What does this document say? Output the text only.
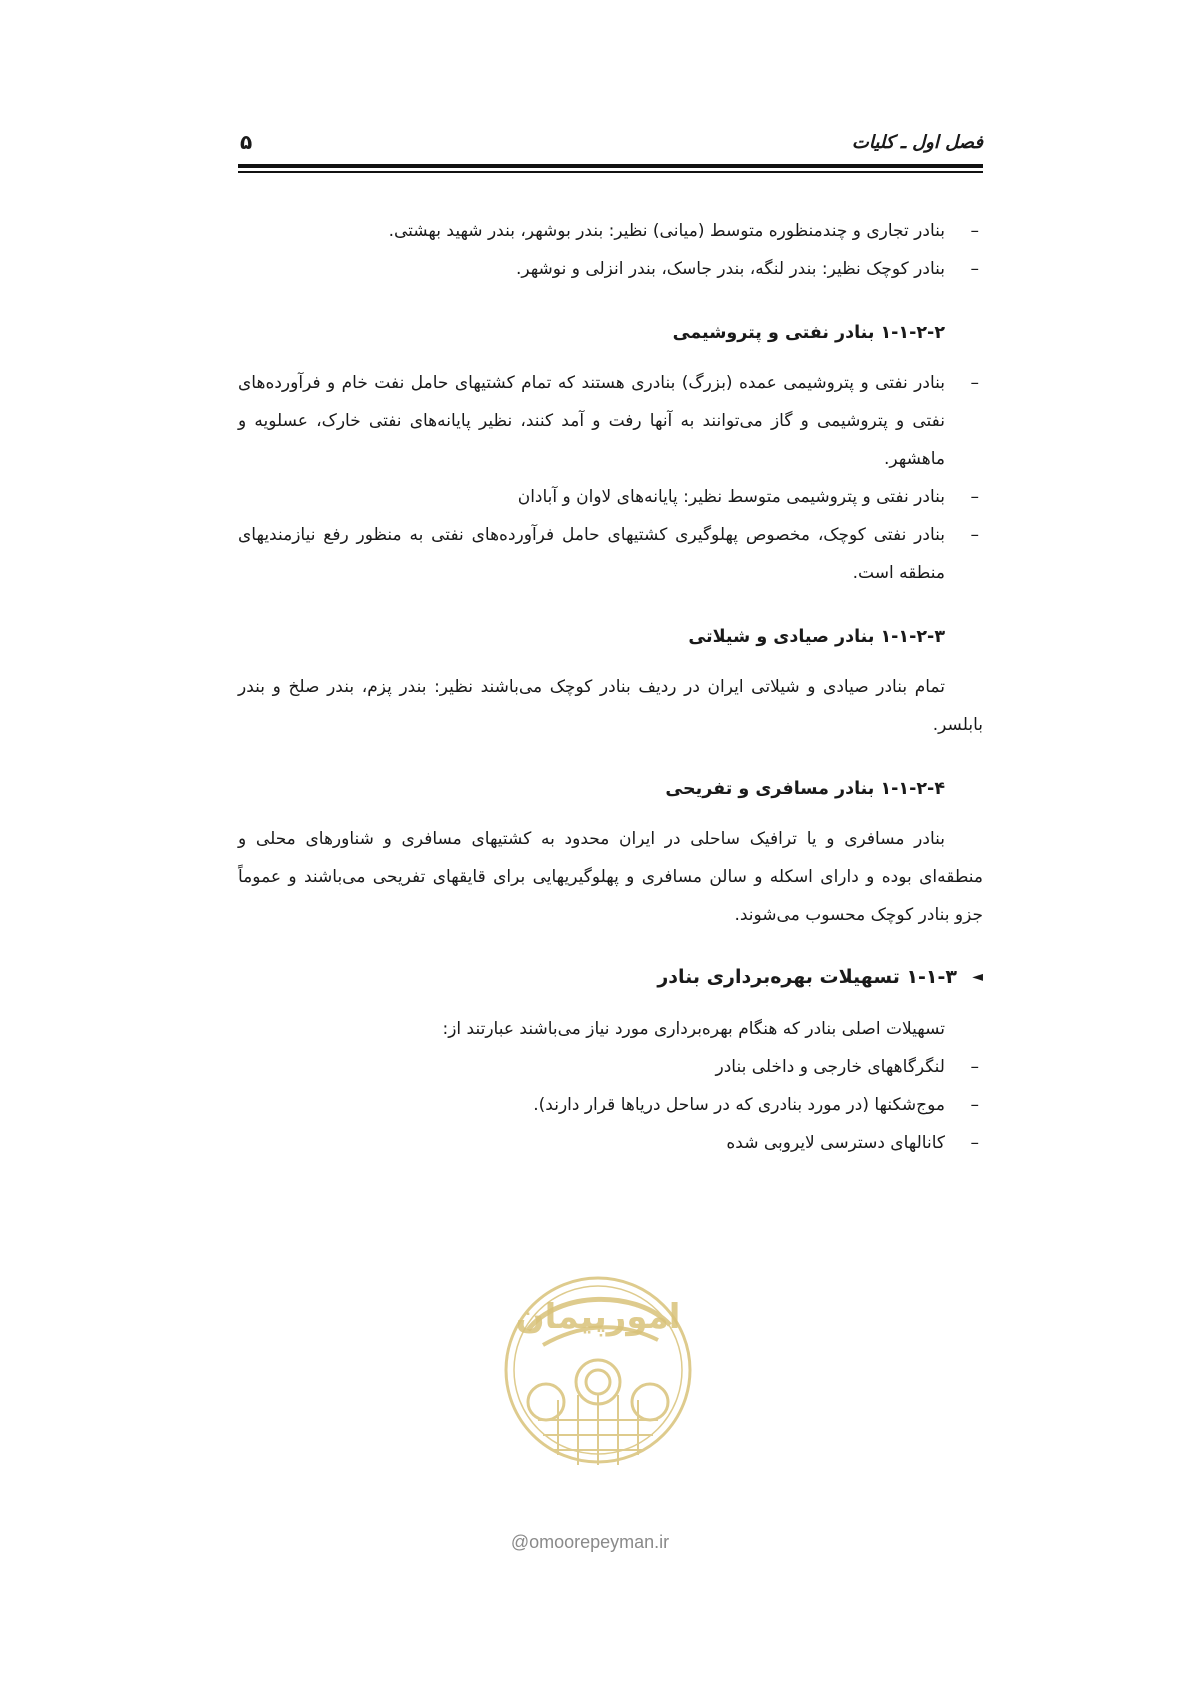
فصل اول ـ کلیات
۵

–
بنادر تجاری و چندمنظوره متوسط (میانی) نظیر: بندر بوشهر، بندر شهید بهشتی.

–
بنادر کوچک نظیر: بندر لنگه، بندر جاسک، بندر انزلی و نوشهر.

۱-۱-۲-۲ بنادر نفتی و پتروشیمی

–
بنادر نفتی و پتروشیمی عمده (بزرگ) بنادری هستند که تمام کشتیهای حامل نفت خام و فرآورده‌های نفتی و پتروشیمی و گاز می‌توانند به آنها رفت و آمد کنند، نظیر پایانه‌های نفتی خارک، عسلویه و ماهشهر.

–
بنادر نفتی و پتروشیمی متوسط نظیر: پایانه‌های لاوان و آبادان

–
بنادر نفتی کوچک، مخصوص پهلوگیری کشتیهای حامل فرآورده‌های نفتی به منظور رفع نیازمندیهای منطقه است.

۱-۱-۲-۳ بنادر صیادی و شیلاتی

تمام بنادر صیادی و شیلاتی ایران در ردیف بنادر کوچک می‌باشند نظیر: بندر پزم، بندر صلخ و بندر بابلسر.

۱-۱-۲-۴ بنادر مسافری و تفریحی

بنادر مسافری و یا ترافیک ساحلی در ایران محدود به کشتیهای مسافری و شناورهای محلی و منطقه‌ای بوده و دارای اسکله و سالن مسافری و پهلوگیریهایی برای قایقهای تفریحی می‌باشند و عموماً جزو بنادر کوچک محسوب می‌شوند.

◄
۱-۱-۳ تسهیلات بهره‌برداری بنادر

تسهیلات اصلی بنادر که هنگام بهره‌برداری مورد نیاز می‌باشند عبارتند از:

–
لنگرگاههای خارجی و داخلی بنادر

–
موج‌شکنها (در مورد بنادری که در ساحل دریاها قرار دارند).

–
کانالهای دسترسی لایروبی شده

امورپیمان
@omoorepeyman.ir
